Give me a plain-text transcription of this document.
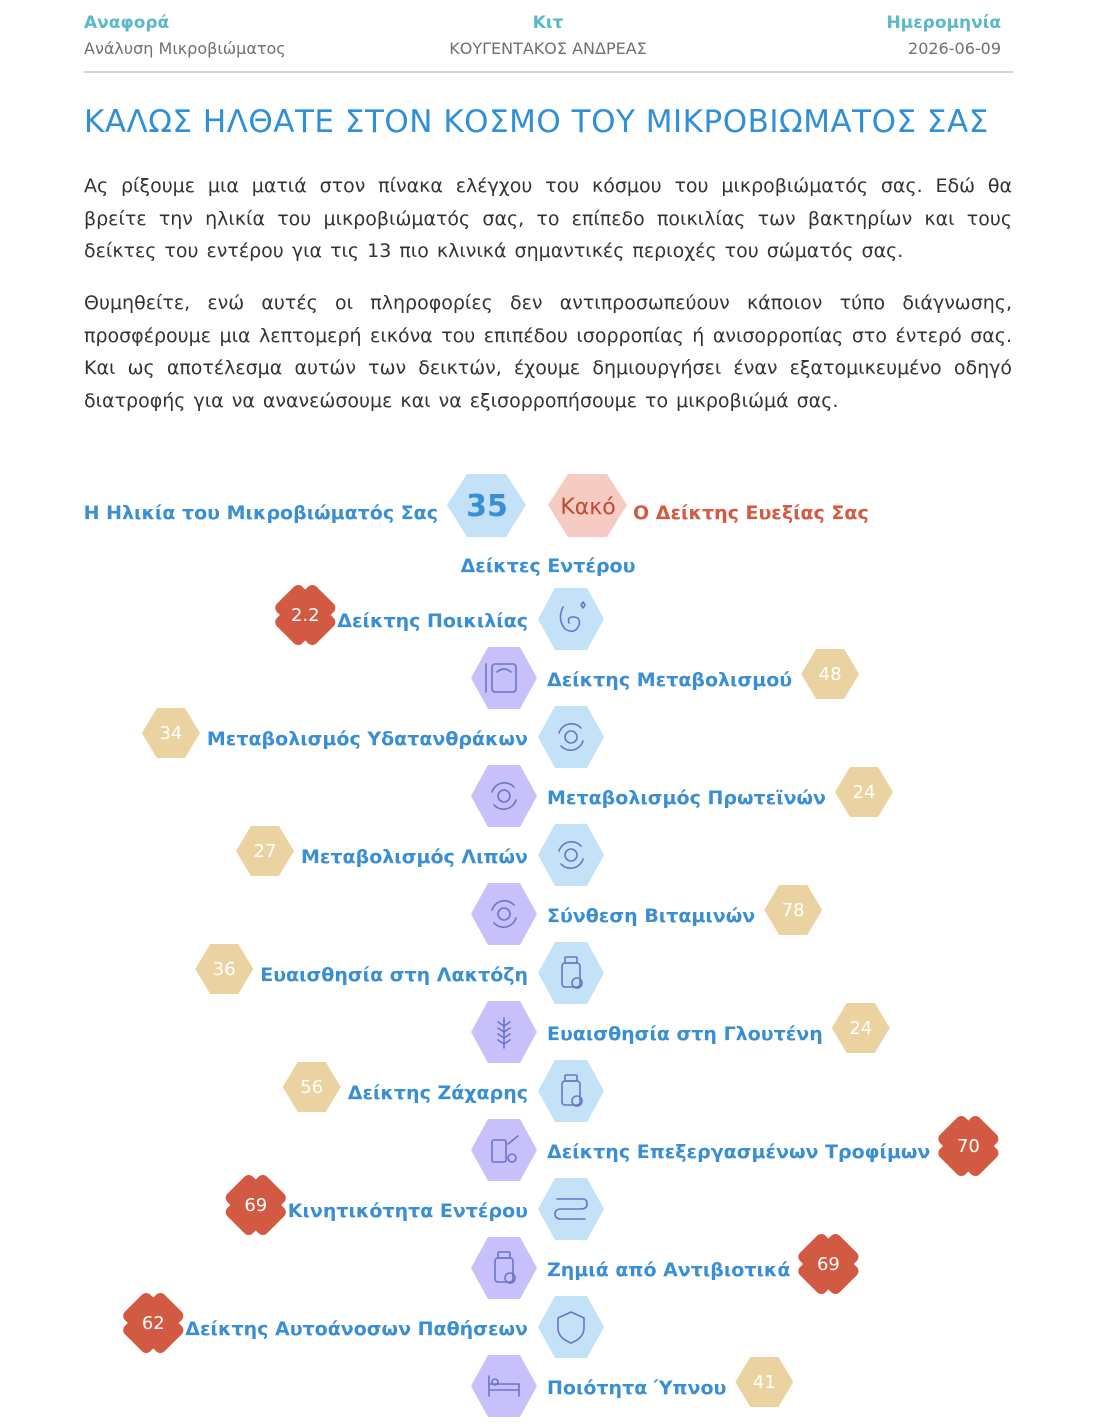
Αναφορά
Ανάλυση Μικροβιώματος
Κιτ
ΚΟΥΓΕΝΤΑΚΟΣ ΑΝΔΡΕΑΣ
Ημερομηνία
2026-06-09
ΚΑΛΩΣ ΗΛΘΑΤΕ ΣΤΟΝ ΚΟΣΜΟ ΤΟΥ ΜΙΚΡΟΒΙΩΜΑΤΟΣ ΣΑΣ

Ας ρίξουμε μια ματιά στον πίνακα ελέγχου του κόσμου του μικροβιώματός σας. Εδώ θα βρείτε την ηλικία του μικροβιώματός σας, το επίπεδο ποικιλίας των βακτηρίων και τους δείκτες του εντέρου για τις 13 πιο κλινικά σημαντικές περιοχές του σώματός σας.

Θυμηθείτε, ενώ αυτές οι πληροφορίες δεν αντιπροσωπεύουν κάποιον τύπο διάγνωσης, προσφέρουμε μια λεπτομερή εικόνα του επιπέδου ισορροπίας ή ανισορροπίας στο έντερό σας. Και ως αποτέλεσμα αυτών των δεικτών, έχουμε δημιουργήσει έναν εξατομικευμένο οδηγό διατροφής για να ανανεώσουμε και να εξισορροπήσουμε το μικροβιώμά σας.

Η Ηλικία του Μικροβιώματός Σας 35 Κακό Ο Δείκτης Ευεξίας Σας
Δείκτες Εντέρου
Δείκτης Ποικιλίας
2.2
Δείκτης Μεταβολισμού 48
Μεταβολισμός Υδατανθράκων
34
Μεταβολισμός Πρωτεϊνών 24
Μεταβολισμός Λιπών
27
Σύνθεση Βιταμινών 78
Ευαισθησία στη Λακτόζη
36
Ευαισθησία στη Γλουτένη 24
Δείκτης Ζάχαρης
56
Δείκτης Επεξεργασμένων Τροφίμων 70
Κινητικότητα Εντέρου
69
Ζημιά από Αντιβιοτικά 69
Δείκτης Αυτοάνοσων Παθήσεων
62
Ποιότητα Ύπνου 41
